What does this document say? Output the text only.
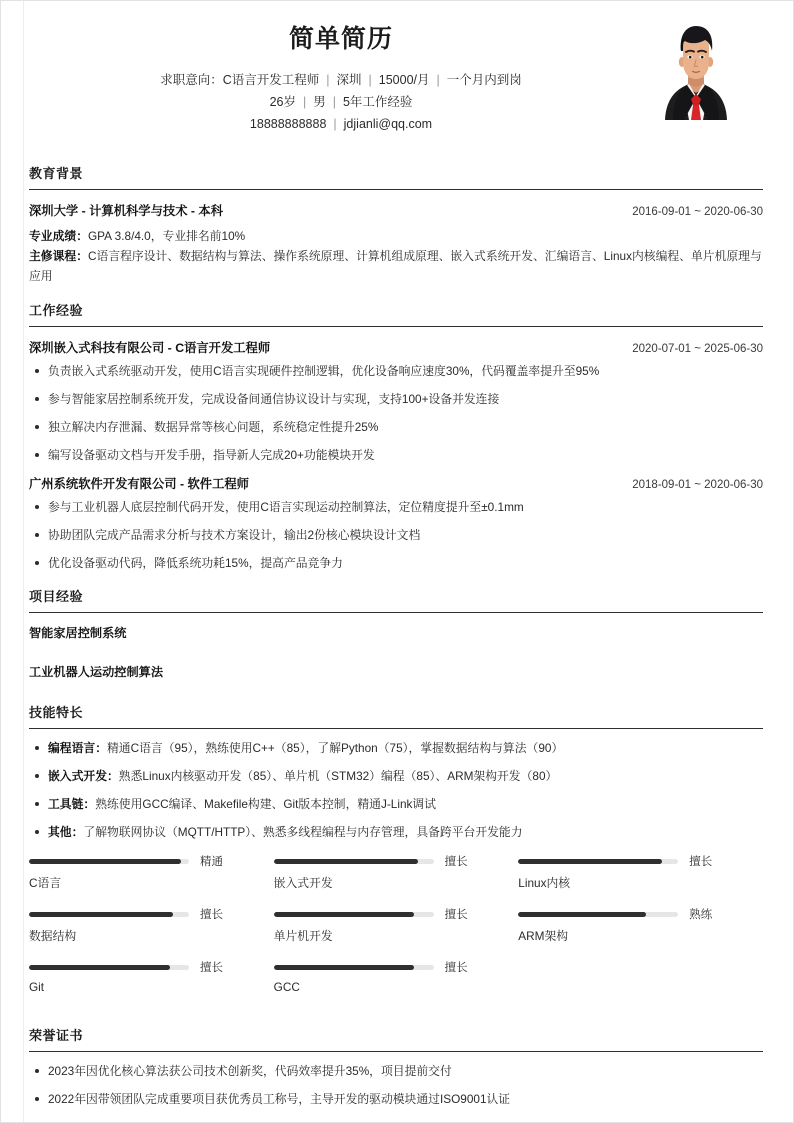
简单简历
求职意向：C语言开发工程师 | 深圳 | 15000/月 | 一个月内到岗
26岁 | 男 | 5年工作经验
18888888888 | jdjianli@qq.com
教育背景
深圳大学 - 计算机科学与技术 - 本科	2016-09-01 ~ 2020-06-30
专业成绩：GPA 3.8/4.0，专业排名前10%
主修课程：C语言程序设计、数据结构与算法、操作系统原理、计算机组成原理、嵌入式系统开发、汇编语言、Linux内核编程、单片机原理与应用
工作经验
深圳嵌入式科技有限公司 - C语言开发工程师	2020-07-01 ~ 2025-06-30
负责嵌入式系统驱动开发，使用C语言实现硬件控制逻辑，优化设备响应速度30%，代码覆盖率提升至95%
参与智能家居控制系统开发，完成设备间通信协议设计与实现，支持100+设备并发连接
独立解决内存泄漏、数据异常等核心问题，系统稳定性提升25%
编写设备驱动文档与开发手册，指导新人完成20+功能模块开发
广州系统软件开发有限公司 - 软件工程师	2018-09-01 ~ 2020-06-30
参与工业机器人底层控制代码开发，使用C语言实现运动控制算法，定位精度提升至±0.1mm
协助团队完成产品需求分析与技术方案设计，输出2份核心模块设计文档
优化设备驱动代码，降低系统功耗15%，提高产品竞争力
项目经验
智能家居控制系统
工业机器人运动控制算法
技能特长
编程语言：精通C语言（95），熟练使用C++（85），了解Python（75），掌握数据结构与算法（90）
嵌入式开发：熟悉Linux内核驱动开发（85）、单片机（STM32）编程（85）、ARM架构开发（80）
工具链：熟练使用GCC编译、Makefile构建、Git版本控制，精通J-Link调试
其他：了解物联网协议（MQTT/HTTP）、熟悉多线程编程与内存管理，具备跨平台开发能力
精通
C语言
擅长
嵌入式开发
擅长
Linux内核
擅长
数据结构
擅长
单片机开发
熟练
ARM架构
擅长
Git
擅长
GCC
荣誉证书
2023年因优化核心算法获公司技术创新奖，代码效率提升35%，项目提前交付
2022年因带领团队完成重要项目获优秀员工称号，主导开发的驱动模块通过ISO9001认证
